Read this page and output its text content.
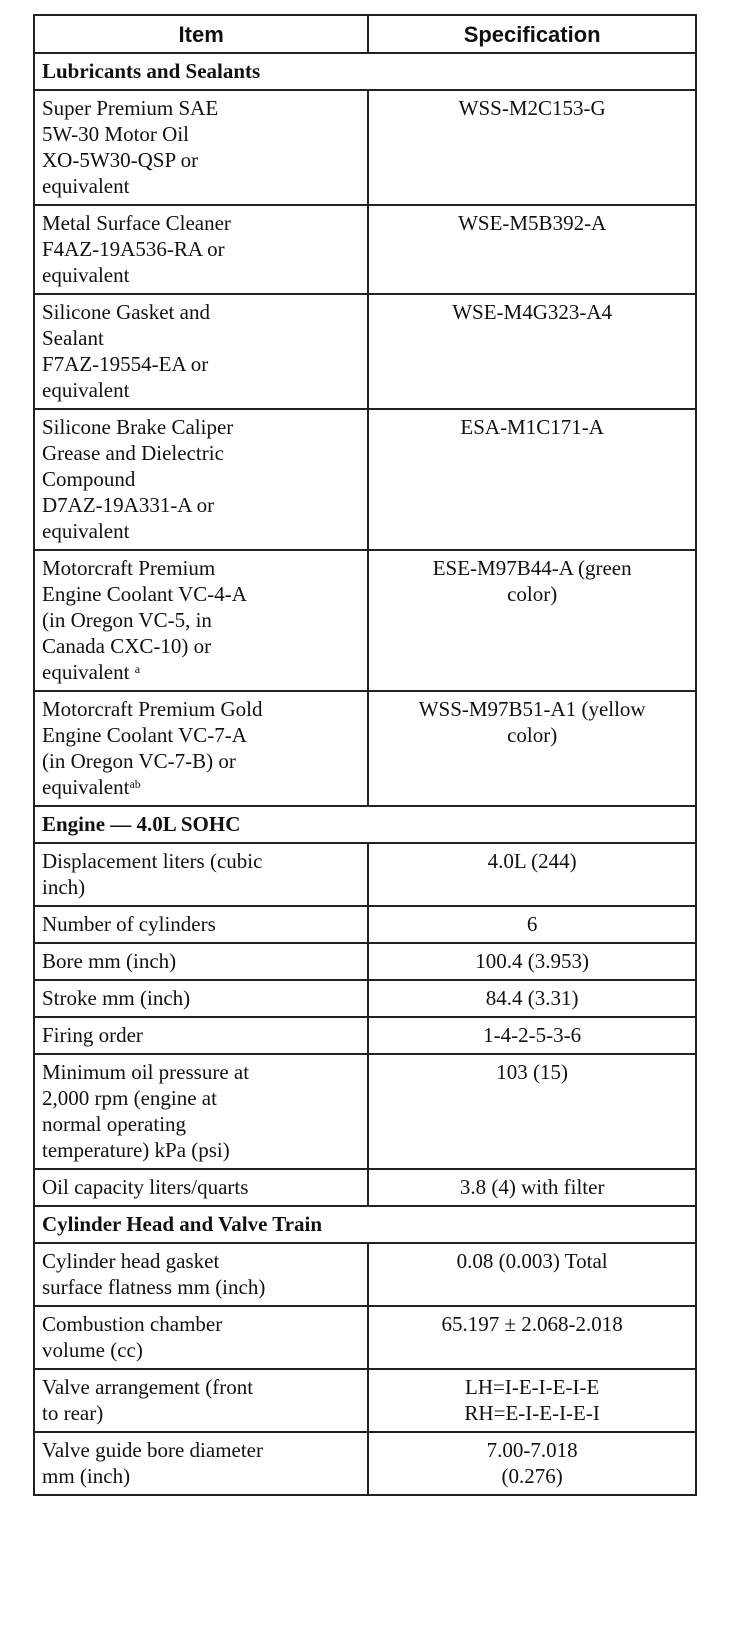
Item	Specification
Lubricants and Sealants	

Super Premium SAE
5W-30 Motor Oil
XO-5W30-QSP or
equivalent	WSS-M2C153-G

Metal Surface Cleaner
F4AZ-19A536-RA or
equivalent	WSE-M5B392-A

Silicone Gasket and
Sealant
F7AZ-19554-EA or
equivalent	WSE-M4G323-A4

Silicone Brake Caliper
Grease and Dielectric
Compound
D7AZ-19A331-A or
equivalent	ESA-M1C171-A

Motorcraft Premium
Engine Coolant VC-4-A
(in Oregon VC-5, in
Canada CXC-10) or
equivalent $^a$	ESE-M97B44-A (green
color)

Motorcraft Premium Gold
Engine Coolant VC-7-A
(in Oregon VC-7-B) or
equivalent$^{ab}$	WSS-M97B51-A1 (yellow
color)

Engine — 4.0L SOHC	

Displacement liters (cubic
inch)	4.0L (244)

Number of cylinders	6

Bore mm (inch)	100.4 (3.953)

Stroke mm (inch)	84.4 (3.31)

Firing order	1-4-2-5-3-6

Minimum oil pressure at
2,000 rpm (engine at
normal operating
temperature) kPa (psi)	103 (15)

Oil capacity liters/quarts	3.8 (4) with filter

Cylinder Head and Valve Train	

Cylinder head gasket
surface flatness mm (inch)	0.08 (0.003) Total

Combustion chamber
volume (cc)	65.197 ± 2.068-2.018

Valve arrangement (front
to rear)	LH=I-E-I-E-I-E
RH=E-I-E-I-E-I

Valve guide bore diameter
mm (inch)	7.00-7.018
(0.276)
